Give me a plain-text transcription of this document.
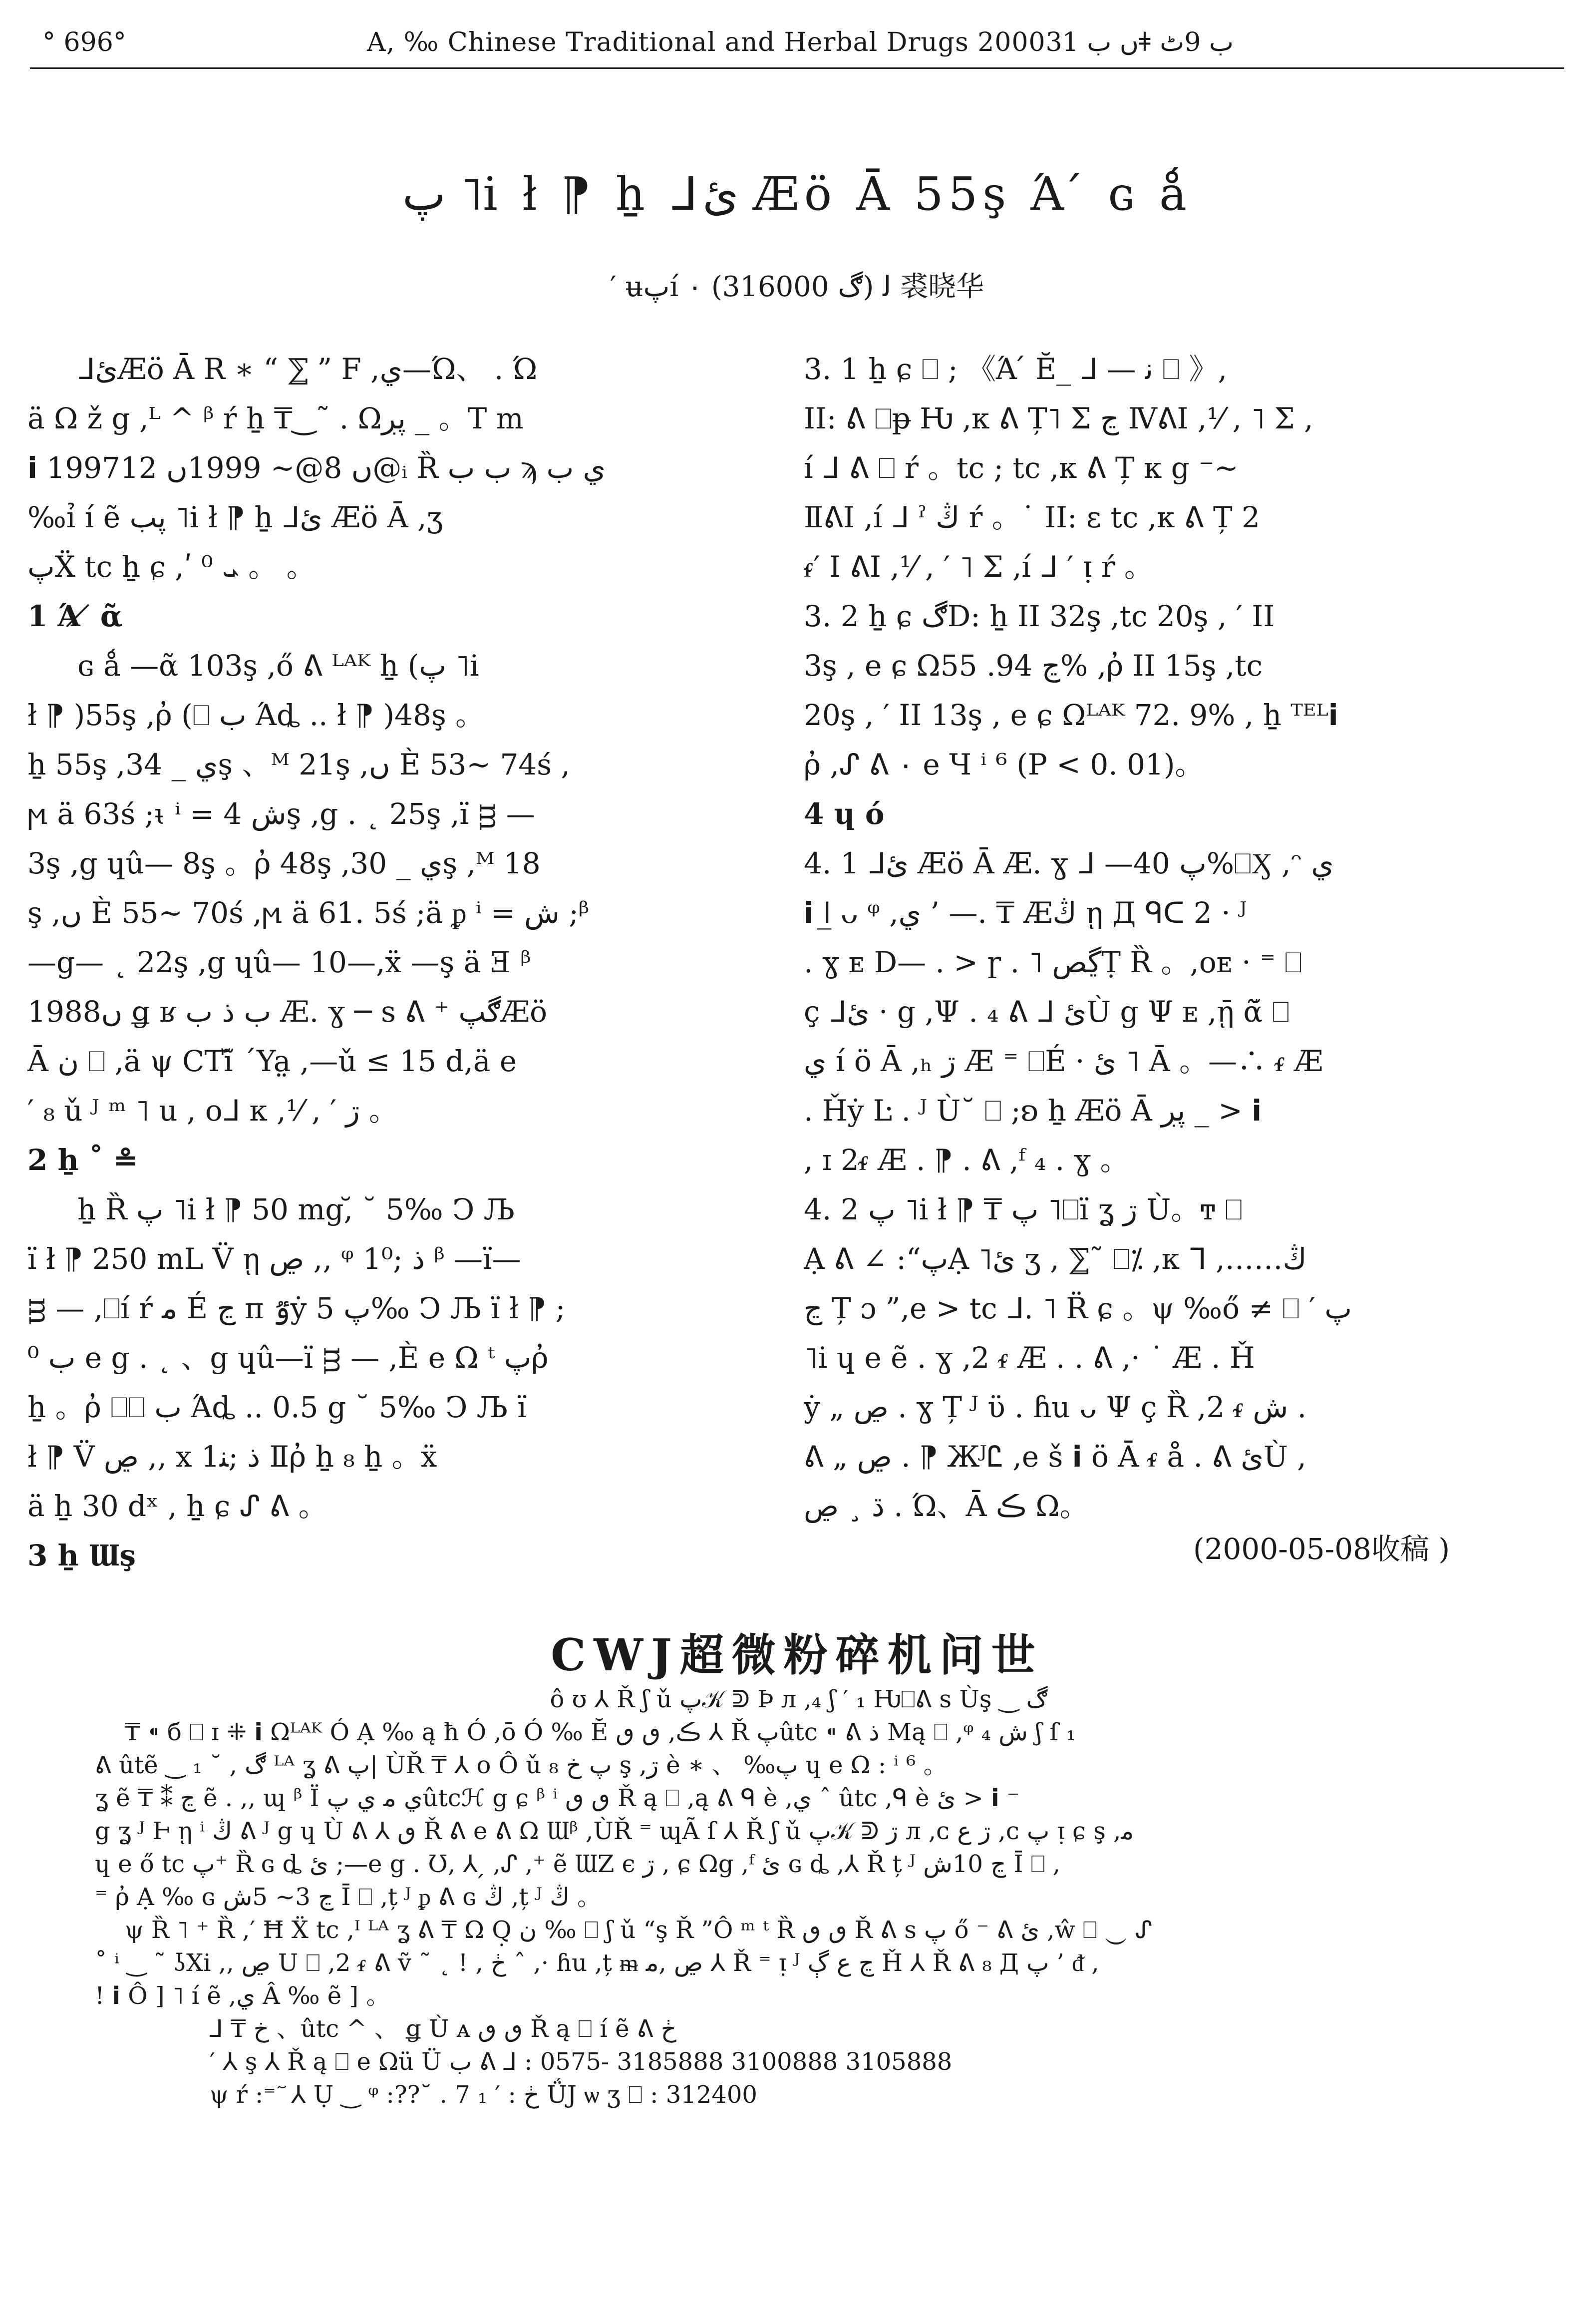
° 696°	A‚ ‰ Chinese Traditional and Herbal Drugs 2000ں ب 31ǂ ب 9ٹ
پ ˥i ł ⁋ ẖ ᒧئ Æö Ā 55ş Ά ́ ɢ ǻ
′ ʉپí ۰ ﻟ (ڰ 316000) 裘晓华

ᒧئÆö Ā R ∗ “ ⅀ ” F ,ي—Ώ、 . Ώ

ä Ω ž g ,ᴸ ^ ᵝ ŕ ẖ ₸‿˜ . Ωپڔ _ 。T m

𝗶 1997ں 8@~ 1999ں 12@ᵢ Ȑ ب ب ϡ ي ب

‰ỉ í ẽ پب ˥i ł ⁋ ẖ ᒧئ Æö Ā ,ʒ

پẌ tc ẖ ɕ ,ʹ ܝ ⁰ 。 。

1 Ά ̸ ᾶ

ɢ ǻ —ᾶ 103ş ,ő ᕕ ᴸᴬᴷ ẖ (پ ˥i

ł ⁋ )55ş ,ῤ (⎕ ب Άȡ .. ł ⁋ )48ş 。

ẖ 55ş ,ي _ 34ş 、ᴹ 21ş ,ں È 53~ 74ś ,

ϻ ä 63ś ;ᵼ ⁱ = ش 4ş ,g . ˛ 25ş ,ï ᴟ —

3ş ,g ɥû— 8ş 。ῤ 48ş ,ي _ 30ş ,ᴹ 18

ş ,ں È 55~ 70ś ,ϻ ä 61. 5ś ;ä ᵱ ⁱ = ش ;ᵝ

—g— ˛ 22ş ,g ɥû— 10—,ẍ —ş ä Ǝ ᵝ

1988ں ǥ ʁ ب ذ ب Æ. ɣ ─ s ᕕ ⁺ ڰپÆö

Ā ن ⎕ ,ä ψ CTĩ̆ ΄Ya̤ ,—ǔ ≤ 15 d,ä e

′ ₈ ǔ ᴶ ᵐ ˥ u , ᴏᒧ ᴋ ,⅟ , ′ ڗ 。

2 ẖ ˚ ≗

ẖ Ȑ پ ˥i ł ⁋ 50 mg,̆ ˘ 5‰ Ͻ Љ

ï ł ⁋ 250 mL V̈ ῃ ڝ ,‚ ᵠ 1ذ ;⁰ ᵝ —ï—

ᴟ — ,⎕í ŕ ﻣ É ڃ п ٷẏ پ 5‰ Ͻ Љ ï ł ⁋ ;

⁰ ب e g . ˛ 、g ɥû—ï ᴟ — ,È e Ω ᵗ پῤ

ẖ 。ῤ ⎕⎕ ب Άȡ .. 0.5 g ˘ 5‰ Ͻ Љ ï

ł ⁋ V̈ ڝ ,‚ x 1ذ ;ﻨ Ⅱῤ ẖ ₈ ẖ 。ẍ

ä ẖ 30 dˣ , ẖ ɕ ᔑ ᕕ 。

3 ẖ Ɯş

3. 1 ẖ ɕ ⎕ ; 《Ά ́ Ĕ_ ᒧ — ﻧ ⎕ 》,

II: ᕕ ⎕ᵽ Ƕ ,ᴋ ᕕ Ț˥ Σ ڃ ⅣᕕⅠ ,⅟ , ˥ Σ ,

í ᒧ ᕕ ⎕ ŕ 。tc ; tc ,ᴋ ᕕ Ț ᴋ g ⁻~

ⅡᕕⅠ ,í ᒧ ˀ ڭ ŕ 。˙ II: ε tc ,ᴋ ᕕ Ț 2

ᵳ′ Ⅰ ᕕⅠ ,⅟ , ′ ˥ Σ ,í ᒧ ′ ᴉ ŕ 。

3. 2 ẖ ɕ ڰD: ẖ II 32ş ,tc 20ş , ′ II

3ş , e ɕ Ωڃ 94. 55% ,ῤ II 15ş ,tc

20ş , ′ II 13ş , e ɕ Ωᴸᴬᴷ 72. 9% , ẖ ᵀᴱᴸ𝗶

ῤ ,ᔑ ᕕ ۰ e Ч ⁱ ⁶ (P < 0. 01)。

4 ɥ ó

4. 1 ᒧئ Æö Ā Æ. ɣ ᒧ —پ 40%⎕Ӽ ,ᵔ ي

𝗶 ǀ̲ ᴗ ᵠ ,ي ’ —. ₸ Æڭ ῃ Д ᑫᑕ 2 · ᴶ

. ɣ ᴇ Ⅾ— . > ɼ . ˥ ڲصṬ Ȑ 。,ᴏᴇ · ⁼ ⎕

ç ᒧئ · g ,Ψ . ₄ ᕕ ᒧ ئÙ g Ψ ᴇ ,ῃ̄ ᾶ̆ ⎕

ي í ö Ā ,ₕ ڗ Æ ⁼ ⎕É · ئ ˥ Ā 。—∴ ᵳ Æ

. Ȟẏ Ŀ . ᴶ Ù˘ ⎕ ;ʚ ẖ Æö Ā پڔ _ > 𝗶

, ɪ 2ᵳ Æ . ⁋ . ᕕ ,ᶠ ₄ . ɣ 。

4. 2 پ ˥i ł ⁋ ₸ پ ˥⎕ï ʓ ڗ Ù。ͳ ⎕

Ạ ᕕ ∠ :“پẠ ˥ئ ʒ , ⅀˜ ⎕⁒ ,ᴋ ᒣ ,……ڭ

ڃ Ț ɔ ”,e > tc ᒧ. ˥ R̈ ɕ 。ψ ‰ő ≠ ⎕ ′ پ

˥i ɥ e ẽ . ɣ ,2 ᵳ Æ . . ᕕ ,· ˙ Æ . Ȟ

ẏ „ ڝ . ɣ Ț ᴶ ϋ . ɦu ᴗ Ψ ç Ȑ ,2 ᵳ ش .

ᕕ „ ڝ . ⁋ ЖᴶᏝ ,e š 𝗶 ö Ā ᵳ å . ᕕ ئÙ ,

ڌ ¸ ڝ . Ώ、Ā ڪ Ω。

(2000-05-08收稿 )
CWJ超微粉碎机问世

ô ʊ ⅄ Ř ʃ ǔ پ𝒦 ᕲ Þ л ,₄ ʃ ′ ₁ Ƕ⎕ᕕ s Ùş ‿ ڰ

₸ ⁌ б ⎕ ɪ ⁜ 𝗶 Ωᴸᴬᴷ Ó Ạ ‰ ą ħ Ó ,ō Ó ‰ Ĕ ڪ, ٯ ٯ ⅄ Ř پûtc ⁌ ᕕ ذ Mą ⎕ ,ᵠ ش ₄ ʃ ſ ₁

ᕕ ûtẽ ‿ ڰ , ˘ ₁ ᴸᴬ ʓ ᕕ پ| ÙŘ ₸ ⅄ o Ô ǔ پ خ ₈ ş ,ڗ è ∗ 、 ‰پ ɥ e Ω : ⁱ ⁶ 。

ʓ ẽ ₸ ⁑ ڃ ẽ . ,‚ ɰ ᵝ Ï ي ﻣ ي پûtcℋ g ɕ ᵝ ⁱ ٯ ٯ Ř ą ⎕ ,ą ᕕ ᑫ è ,ي ˆ ûtc ,ᑫ è ئ > 𝗶 ⁻

g ʓ ᴶ Ⱶ ῃ ⁱ ڭ ᕕ ᴶ g ɥ Ù ᕕ ⅄ ٯ Ř ᕕ e ᕕ Ω Ɯᵝ ,ÙŘ ⁼ ɰÃ ſ ⅄ Ř ʃ ǔ پ𝒦 ᕲ ڗ л ,ᴄ ڗ ع ,ᴄ پ ᴉ ɕ ş ,ﻣ

ɥ e ő tc پ⁺ Ȑ ɢ ȡ ئ ;—e g . Ʊ, ⅄ ̗ ,ᔑ ,⁺ ẽ ƜZ ϵ ڗ , ɕ Ωg ,ᶠ ئ ɢ ȡ ,⅄ Ř ț ᴶ ڃ 10ش Ī ⎕ ,

⁼ ῤ Ạ ‰ ɢ ڃ 3~ 5ش Ī ⎕ ,ț ᴶ ᵱ ᕕ ɢ ڭ ,ț ᴶ ڭ 。

ψ Ȑ ˥ ⁺ Ȑ ,′ Ħ Ẍ tc ,ᴵ ᴸᴬ ʓ ᕕ ₸ Ω Q̣ ن ‰ ⎕ ʃ ǔ “ş Ř ”Ô ᵐ ᵗ Ȑ ٯ ٯ Ř ᕕ s پ ő ⁻ ᕕ ئ ,ŵ ⎕ ‿ ᔑ

˚ ⁱ ‿ ˜ ʖXi ,‚ ڝ U ⎕ ,2 ᵳ ᕕ ṽ ˜ ˛ ! , ڂ ˆ ,· ɦu ,ț ᵯ ڝ ,ﻣ ⅄ Ř ⁼ ᴉ ᴶ ڃ ع ڳ Ȟ ⅄ Ř ᕕ ₈ Д پ ’ ᵭ ,

! 𝗶 Ô ] ˥ í ẽ ,ي Â ‰ ẽ ] 。

⅃ ₸ خ 、ûtc ^ 、 ǥ Ù ᴀ ٯ ٯ Ř ą ⎕ í ẽ ᕕ ڂ

′ ⅄ ş ⅄ Ř ą ⎕ e Ωü Ü ب ᕕ ⅃ : 0575- 3185888 3100888 3105888

ψ ŕ :⁼ ٓ ⅄ Ụ ‿ ᵠ :??˘ . ڂ : ′ ₁ 7 ǗJ ѡ ʒ ⎕ : 312400
